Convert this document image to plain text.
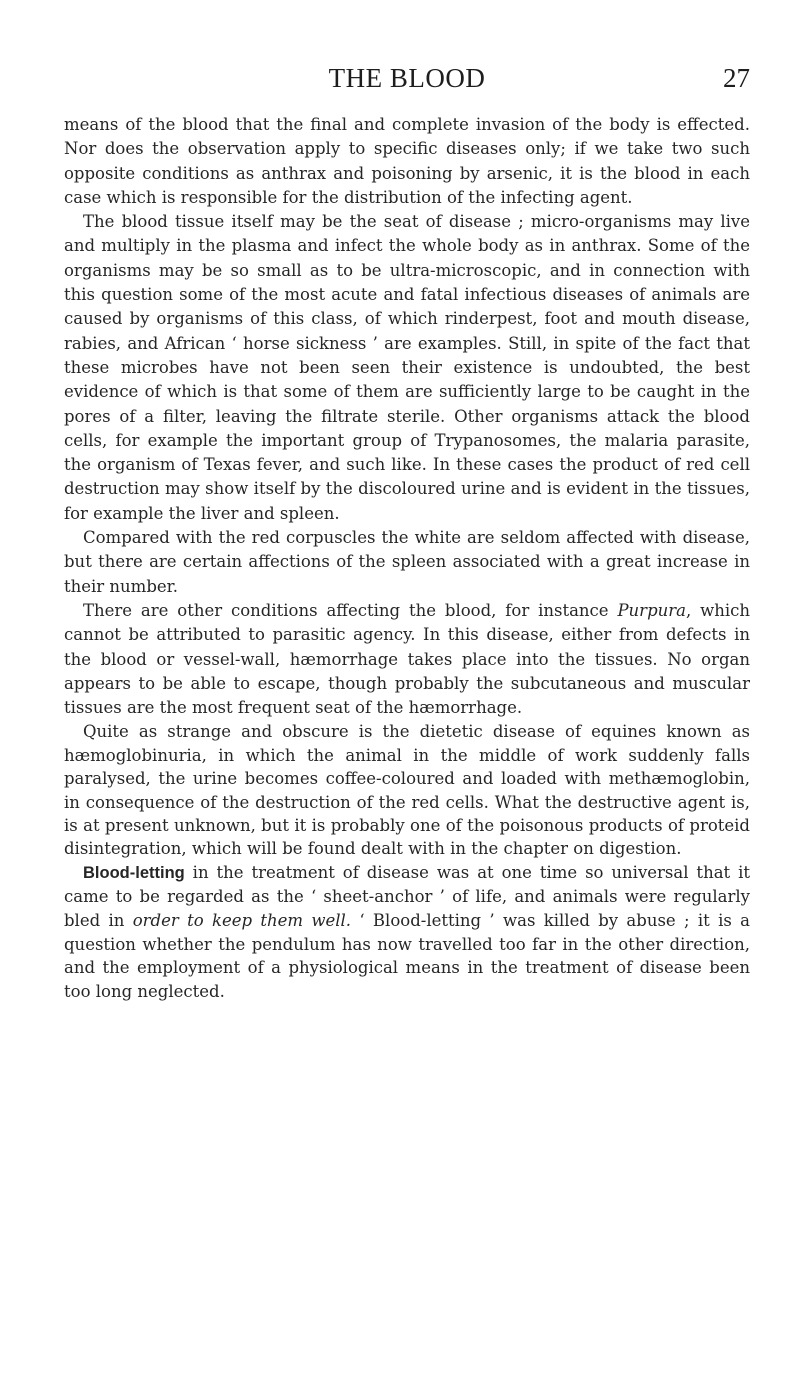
THE BLOOD	27

means of the blood that the final and complete invasion of the body is effected. Nor does the observation apply to specific diseases only; if we take two such opposite conditions as anthrax and poisoning by arsenic, it is the blood in each case which is responsible for the distribution of the infecting agent.

The blood tissue itself may be the seat of disease ; micro-organisms may live and multiply in the plasma and infect the whole body as in anthrax. Some of the organisms may be so small as to be ultra-microscopic, and in connection with this question some of the most acute and fatal infectious diseases of animals are caused by organisms of this class, of which rinderpest, foot and mouth disease, rabies, and African ‘ horse sickness ’ are examples. Still, in spite of the fact that these microbes have not been seen their existence is undoubted, the best evidence of which is that some of them are sufficiently large to be caught in the pores of a filter, leaving the filtrate sterile. Other organisms attack the blood cells, for example the important group of Trypanosomes, the malaria parasite, the organism of Texas fever, and such like. In these cases the product of red cell destruction may show itself by the discoloured urine and is evident in the tissues, for example the liver and spleen.

Compared with the red corpuscles the white are seldom affected with disease, but there are certain affections of the spleen associated with a great increase in their number.

There are other conditions affecting the blood, for instance Purpura, which cannot be attributed to parasitic agency. In this disease, either from defects in the blood or vessel-wall, hæmorrhage takes place into the tissues. No organ appears to be able to escape, though probably the subcutaneous and muscular tissues are the most frequent seat of the hæmorrhage.

Quite as strange and obscure is the dietetic disease of equines known as hæmoglobinuria, in which the animal in the middle of work suddenly falls paralysed, the urine becomes coffee-coloured and loaded with methæmoglobin, in consequence of the destruction of the red cells. What the destructive agent is, is at present unknown, but it is probably one of the poisonous products of proteid disintegration, which will be found dealt with in the chapter on digestion.

Blood-letting in the treatment of disease was at one time so universal that it came to be regarded as the ‘ sheet-anchor ’ of life, and animals were regularly bled in order to keep them well. ‘ Blood-letting ’ was killed by abuse ; it is a question whether the pendulum has now travelled too far in the other direction, and the employment of a physiological means in the treatment of disease been too long neglected.
